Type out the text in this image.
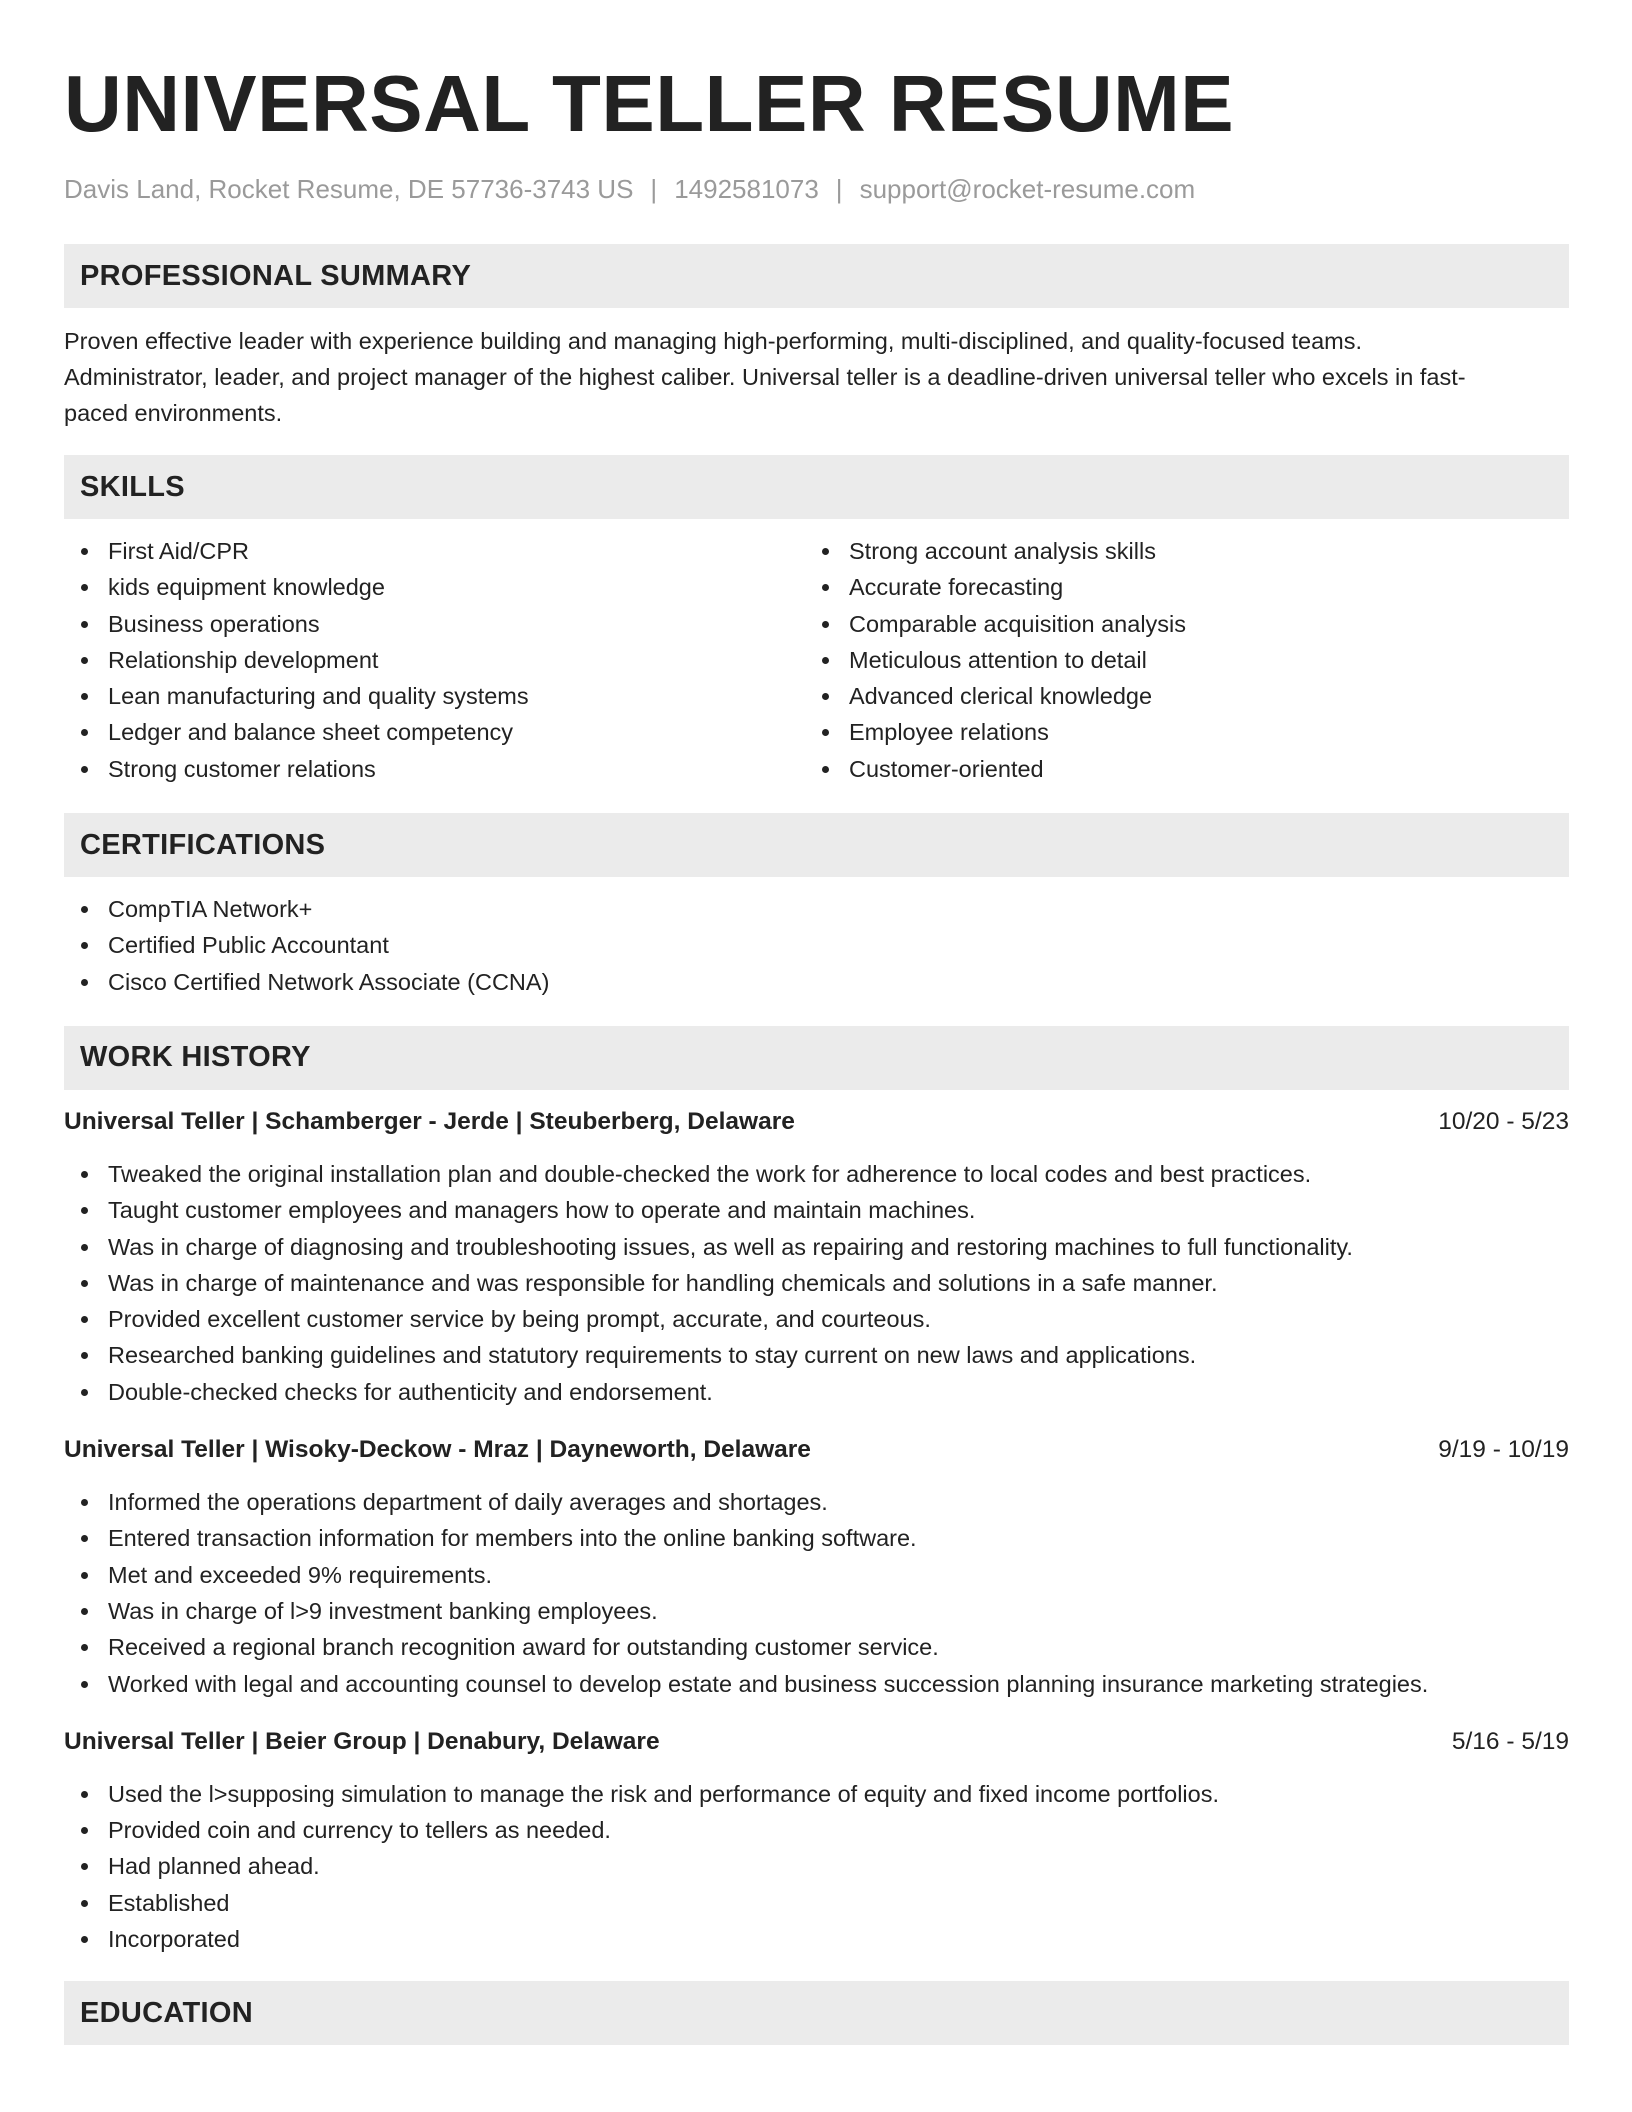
UNIVERSAL TELLER RESUME
Davis Land, Rocket Resume, DE 57736-3743 US | 1492581073 | support@rocket-resume.com
PROFESSIONAL SUMMARY
Proven effective leader with experience building and managing high-performing, multi-disciplined, and quality-focused teams.
Administrator, leader, and project manager of the highest caliber. Universal teller is a deadline-driven universal teller who excels in fast-
paced environments.
SKILLS
First Aid/CPR
kids equipment knowledge
Business operations
Relationship development
Lean manufacturing and quality systems
Ledger and balance sheet competency
Strong customer relations
Strong account analysis skills
Accurate forecasting
Comparable acquisition analysis
Meticulous attention to detail
Advanced clerical knowledge
Employee relations
Customer-oriented
CERTIFICATIONS
CompTIA Network+
Certified Public Accountant
Cisco Certified Network Associate (CCNA)
WORK HISTORY
Universal Teller | Schamberger - Jerde | Steuberberg, Delaware	10/20 - 5/23
Tweaked the original installation plan and double-checked the work for adherence to local codes and best practices.
Taught customer employees and managers how to operate and maintain machines.
Was in charge of diagnosing and troubleshooting issues, as well as repairing and restoring machines to full functionality.
Was in charge of maintenance and was responsible for handling chemicals and solutions in a safe manner.
Provided excellent customer service by being prompt, accurate, and courteous.
Researched banking guidelines and statutory requirements to stay current on new laws and applications.
Double-checked checks for authenticity and endorsement.
Universal Teller | Wisoky-Deckow - Mraz | Dayneworth, Delaware	9/19 - 10/19
Informed the operations department of daily averages and shortages.
Entered transaction information for members into the online banking software.
Met and exceeded 9% requirements.
Was in charge of l>9 investment banking employees.
Received a regional branch recognition award for outstanding customer service.
Worked with legal and accounting counsel to develop estate and business succession planning insurance marketing strategies.
Universal Teller | Beier Group | Denabury, Delaware	5/16 - 5/19
Used the l>supposing simulation to manage the risk and performance of equity and fixed income portfolios.
Provided coin and currency to tellers as needed.
Had planned ahead.
Established
Incorporated
EDUCATION
